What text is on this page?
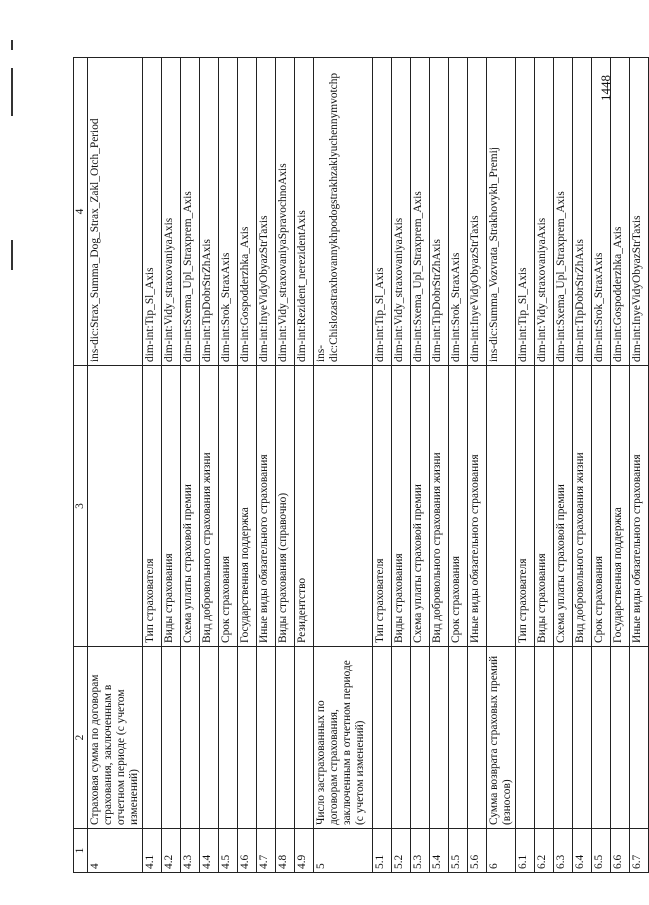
1448
1	2	3	4
4	Страховая сумма по договорам страхования, заключенным в отчетном периоде (с учетом изменений)		ins-dic:Strax_Summa_Dog_Strax_Zakl_Otch_Period
4.1		Тип страхователя	dim-int:Tip_Sl_Axis
4.2		Виды страхования	dim-int:Vidy_straxovaniyaAxis
4.3		Схема уплаты страховой премии	dim-int:Sxema_Upl_Straxprem_Axis
4.4		Вид добровольного страхования жизни	dim-int:TipDobrStrZhAxis
4.5		Срок страхования	dim-int:Srok_StraxAxis
4.6		Государственная поддержка	dim-int:Gospodderzhka_Axis
4.7		Иные виды обязательного страхования	dim-int:InyeVidyObyazStrTaxis
4.8		Виды страхования (справочно)	dim-int:Vidy_straxovaniyaSpravochnoAxis
4.9		Резидентство	dim-int:Rezident_nerezidentAxis
5	Число застрахованных по договорам страхования, заключенным в отчетном периоде (с учетом изменений)		ins-dic:Chislozastraxhovannykhpodogstrakhzaklyuchennymvotchp
5.1		Тип страхователя	dim-int:Tip_Sl_Axis
5.2		Виды страхования	dim-int:Vidy_straxovaniyaAxis
5.3		Схема уплаты страховой премии	dim-int:Sxema_Upl_Straxprem_Axis
5.4		Вид добровольного страхования жизни	dim-int:TipDobrStrZhAxis
5.5		Срок страхования	dim-int:Srok_StraxAxis
5.6		Иные виды обязательного страхования	dim-int:InyeVidyObyazStrTaxis
6	Сумма возврата страховых премий (взносов)		ins-dic:Summa_Vozvrata_Strakhovykh_Premij
6.1		Тип страхователя	dim-int:Tip_Sl_Axis
6.2		Виды страхования	dim-int:Vidy_straxovaniyaAxis
6.3		Схема уплаты страховой премии	dim-int:Sxema_Upl_Straxprem_Axis
6.4		Вид добровольного страхования жизни	dim-int:TipDobrStrZhAxis
6.5		Срок страхования	dim-int:Srok_StraxAxis
6.6		Государственная поддержка	dim-int:Gospodderzhka_Axis
6.7		Иные виды обязательного страхования	dim-int:InyeVidyObyazStrTaxis
